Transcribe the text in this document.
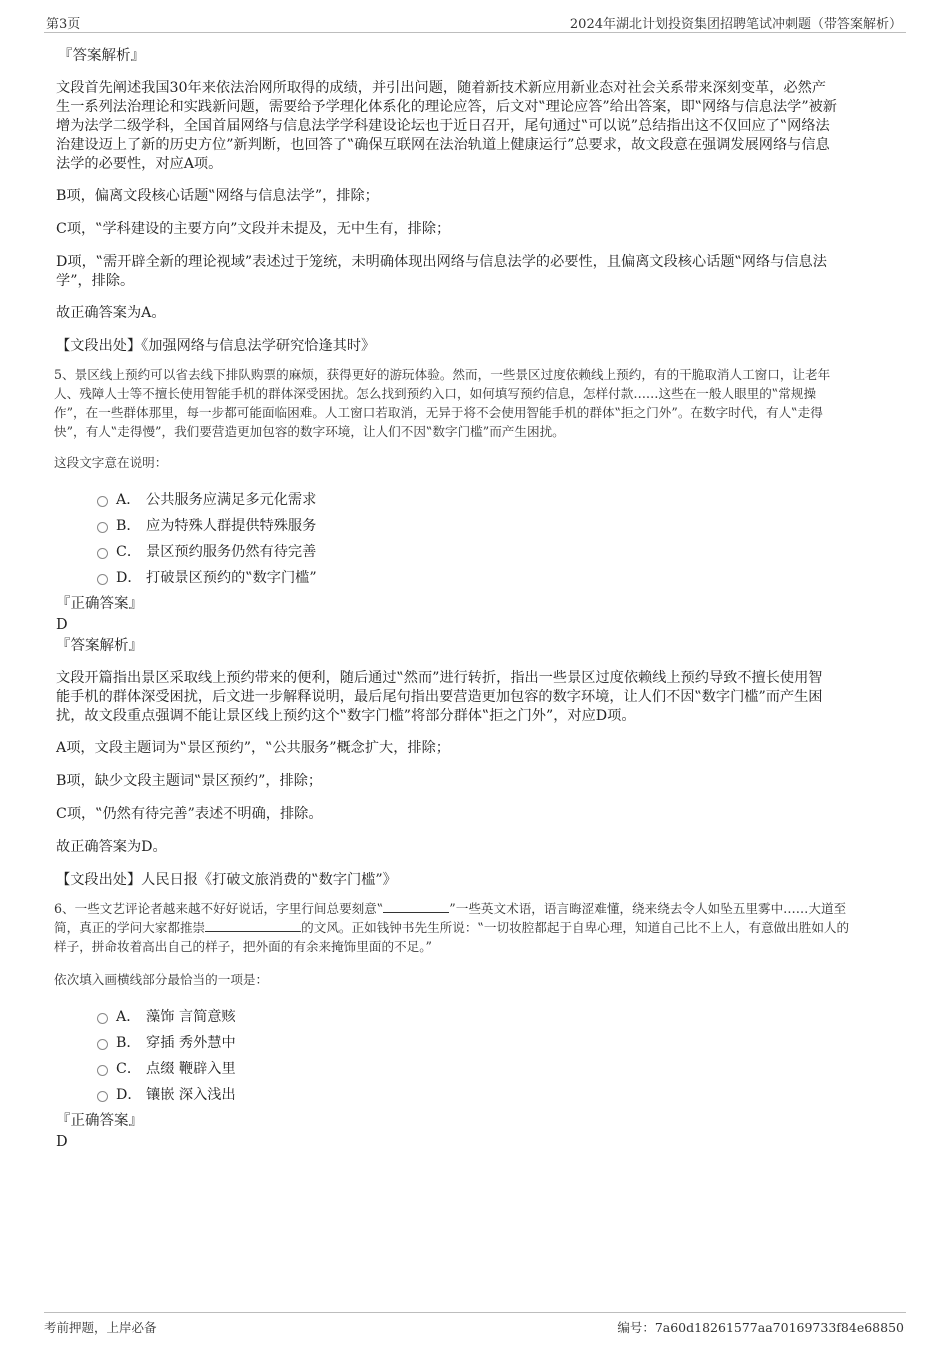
第3页	2024年湖北计划投资集团招聘笔试冲刺题（带答案解析）
『答案解析』

文段首先阐述我国30年来依法治网所取得的成绩，并引出问题，随着新技术新应用新业态对社会关系带来深刻变革，必然产

生一系列法治理论和实践新问题，需要给予学理化体系化的理论应答，后文对‟理论应答”给出答案，即‟网络与信息法学”被新

增为法学二级学科，全国首届网络与信息法学学科建设论坛也于近日召开，尾句通过‟可以说”总结指出这不仅回应了‟网络法

治建设迈上了新的历史方位”新判断，也回答了‟确保互联网在法治轨道上健康运行”总要求，故文段意在强调发展网络与信息

法学的必要性，对应A项。

B项，偏离文段核心话题‟网络与信息法学”，排除；

C项，‟学科建设的主要方向”文段并未提及，无中生有，排除；

D项，‟需开辟全新的理论视域”表述过于笼统，未明确体现出网络与信息法学的必要性，且偏离文段核心话题‟网络与信息法

学”，排除。

故正确答案为A。

【文段出处】《加强网络与信息法学研究恰逢其时》

5、景区线上预约可以省去线下排队购票的麻烦，获得更好的游玩体验。然而，一些景区过度依赖线上预约，有的干脆取消人工窗口，让老年

人、残障人士等不擅长使用智能手机的群体深受困扰。怎么找到预约入口，如何填写预约信息，怎样付款……这些在一般人眼里的‟常规操

作”，在一些群体那里，每一步都可能面临困难。人工窗口若取消，无异于将不会使用智能手机的群体‟拒之门外”。在数字时代，有人‟走得

快”，有人‟走得慢”，我们要营造更加包容的数字环境，让人们不因‟数字门槛”而产生困扰。

这段文字意在说明：

A． 公共服务应满足多元化需求
B． 应为特殊人群提供特殊服务
C． 景区预约服务仍然有待完善
D． 打破景区预约的‟数字门槛”
『正确答案』
D
『答案解析』

文段开篇指出景区采取线上预约带来的便利，随后通过‟然而”进行转折，指出一些景区过度依赖线上预约导致不擅长使用智

能手机的群体深受困扰，后文进一步解释说明，最后尾句指出要营造更加包容的数字环境，让人们不因‟数字门槛”而产生困

扰，故文段重点强调不能让景区线上预约这个‟数字门槛”将部分群体‟拒之门外”，对应D项。

A项，文段主题词为‟景区预约”，‟公共服务”概念扩大，排除；

B项，缺少文段主题词‟景区预约”，排除；

C项，‟仍然有待完善”表述不明确，排除。

故正确答案为D。

【文段出处】人民日报《打破文旅消费的‟数字门槛”》

6、一些文艺评论者越来越不好好说话，字里行间总要刻意‟	”一些英文术语，语言晦涩难懂，绕来绕去令人如坠五里雾中……大道至

简，真正的学问大家都推崇	的文风。正如钱钟书先生所说：‟一切妆腔都起于自卑心理，知道自己比不上人，有意做出胜如人的

样子，拼命妆着高出自己的样子，把外面的有余来掩饰里面的不足。”

依次填入画横线部分最恰当的一项是：

A． 藻饰 言简意赅
B． 穿插 秀外慧中
C． 点缀 鞭辟入里
D． 镶嵌 深入浅出
『正确答案』
D
考前押题，上岸必备	编号：7a60d18261577aa70169733f84e68850
